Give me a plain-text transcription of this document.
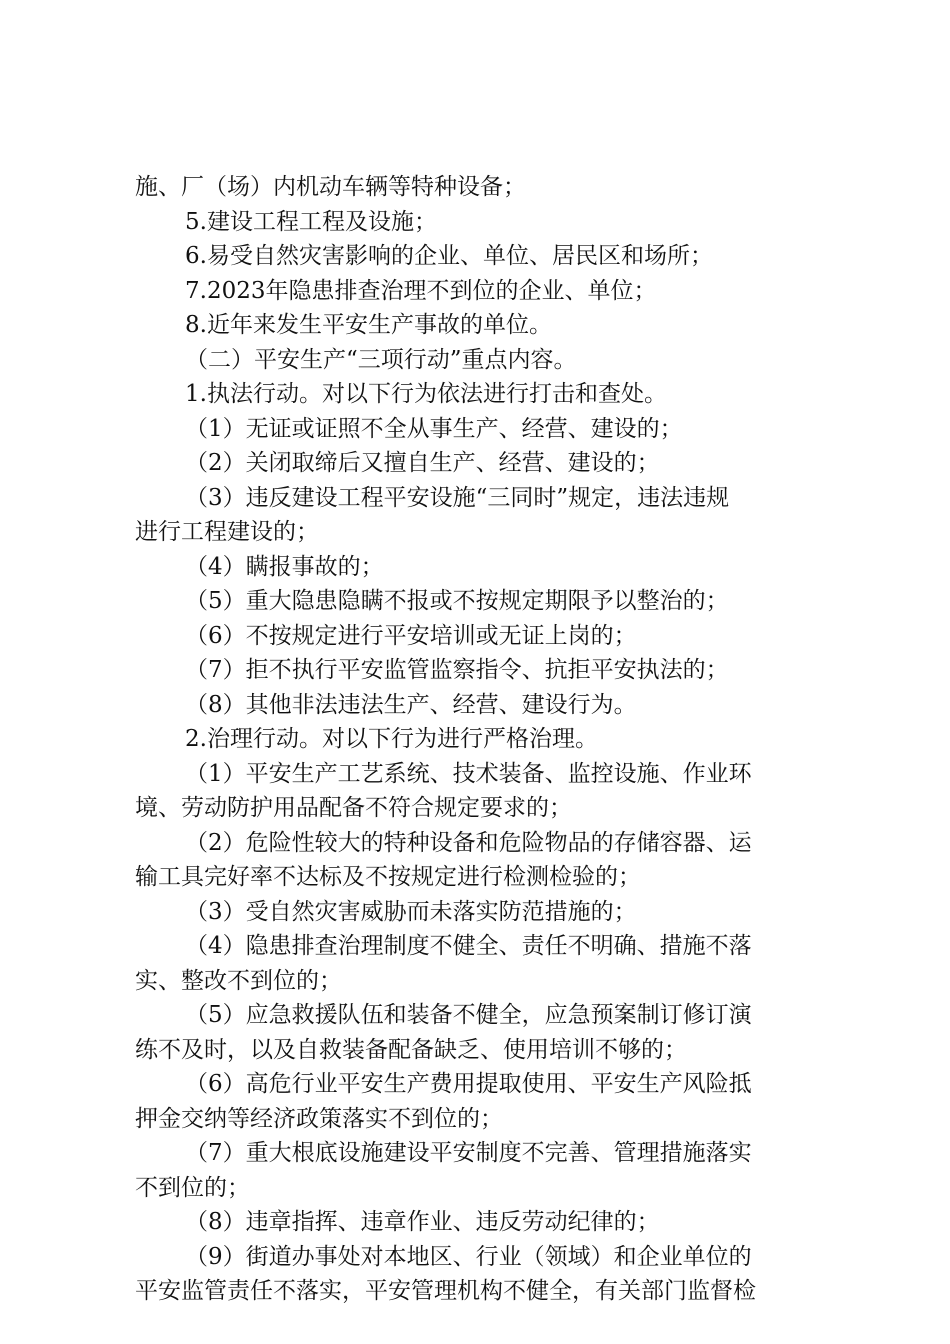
施、厂（场）内机动车辆等特种设备；
5.建设工程工程及设施；
6.易受自然灾害影响的企业、单位、居民区和场所；
7.2023年隐患排查治理不到位的企业、单位；
8.近年来发生平安生产事故的单位。
（二）平安生产“三项行动”重点内容。
1.执法行动。对以下行为依法进行打击和查处。
（1）无证或证照不全从事生产、经营、建设的；
（2）关闭取缔后又擅自生产、经营、建设的；
（3）违反建设工程平安设施“三同时”规定，违法违规
进行工程建设的；
（4）瞒报事故的；
（5）重大隐患隐瞒不报或不按规定期限予以整治的；
（6）不按规定进行平安培训或无证上岗的；
（7）拒不执行平安监管监察指令、抗拒平安执法的；
（8）其他非法违法生产、经营、建设行为。
2.治理行动。对以下行为进行严格治理。
（1）平安生产工艺系统、技术装备、监控设施、作业环
境、劳动防护用品配备不符合规定要求的；
（2）危险性较大的特种设备和危险物品的存储容器、运
输工具完好率不达标及不按规定进行检测检验的；
（3）受自然灾害威胁而未落实防范措施的；
（4）隐患排查治理制度不健全、责任不明确、措施不落
实、整改不到位的；
（5）应急救援队伍和装备不健全，应急预案制订修订演
练不及时，以及自救装备配备缺乏、使用培训不够的；
（6）高危行业平安生产费用提取使用、平安生产风险抵
押金交纳等经济政策落实不到位的；
（7）重大根底设施建设平安制度不完善、管理措施落实
不到位的；
（8）违章指挥、违章作业、违反劳动纪律的；
（9）街道办事处对本地区、行业（领域）和企业单位的
平安监管责任不落实，平安管理机构不健全，有关部门监督检
